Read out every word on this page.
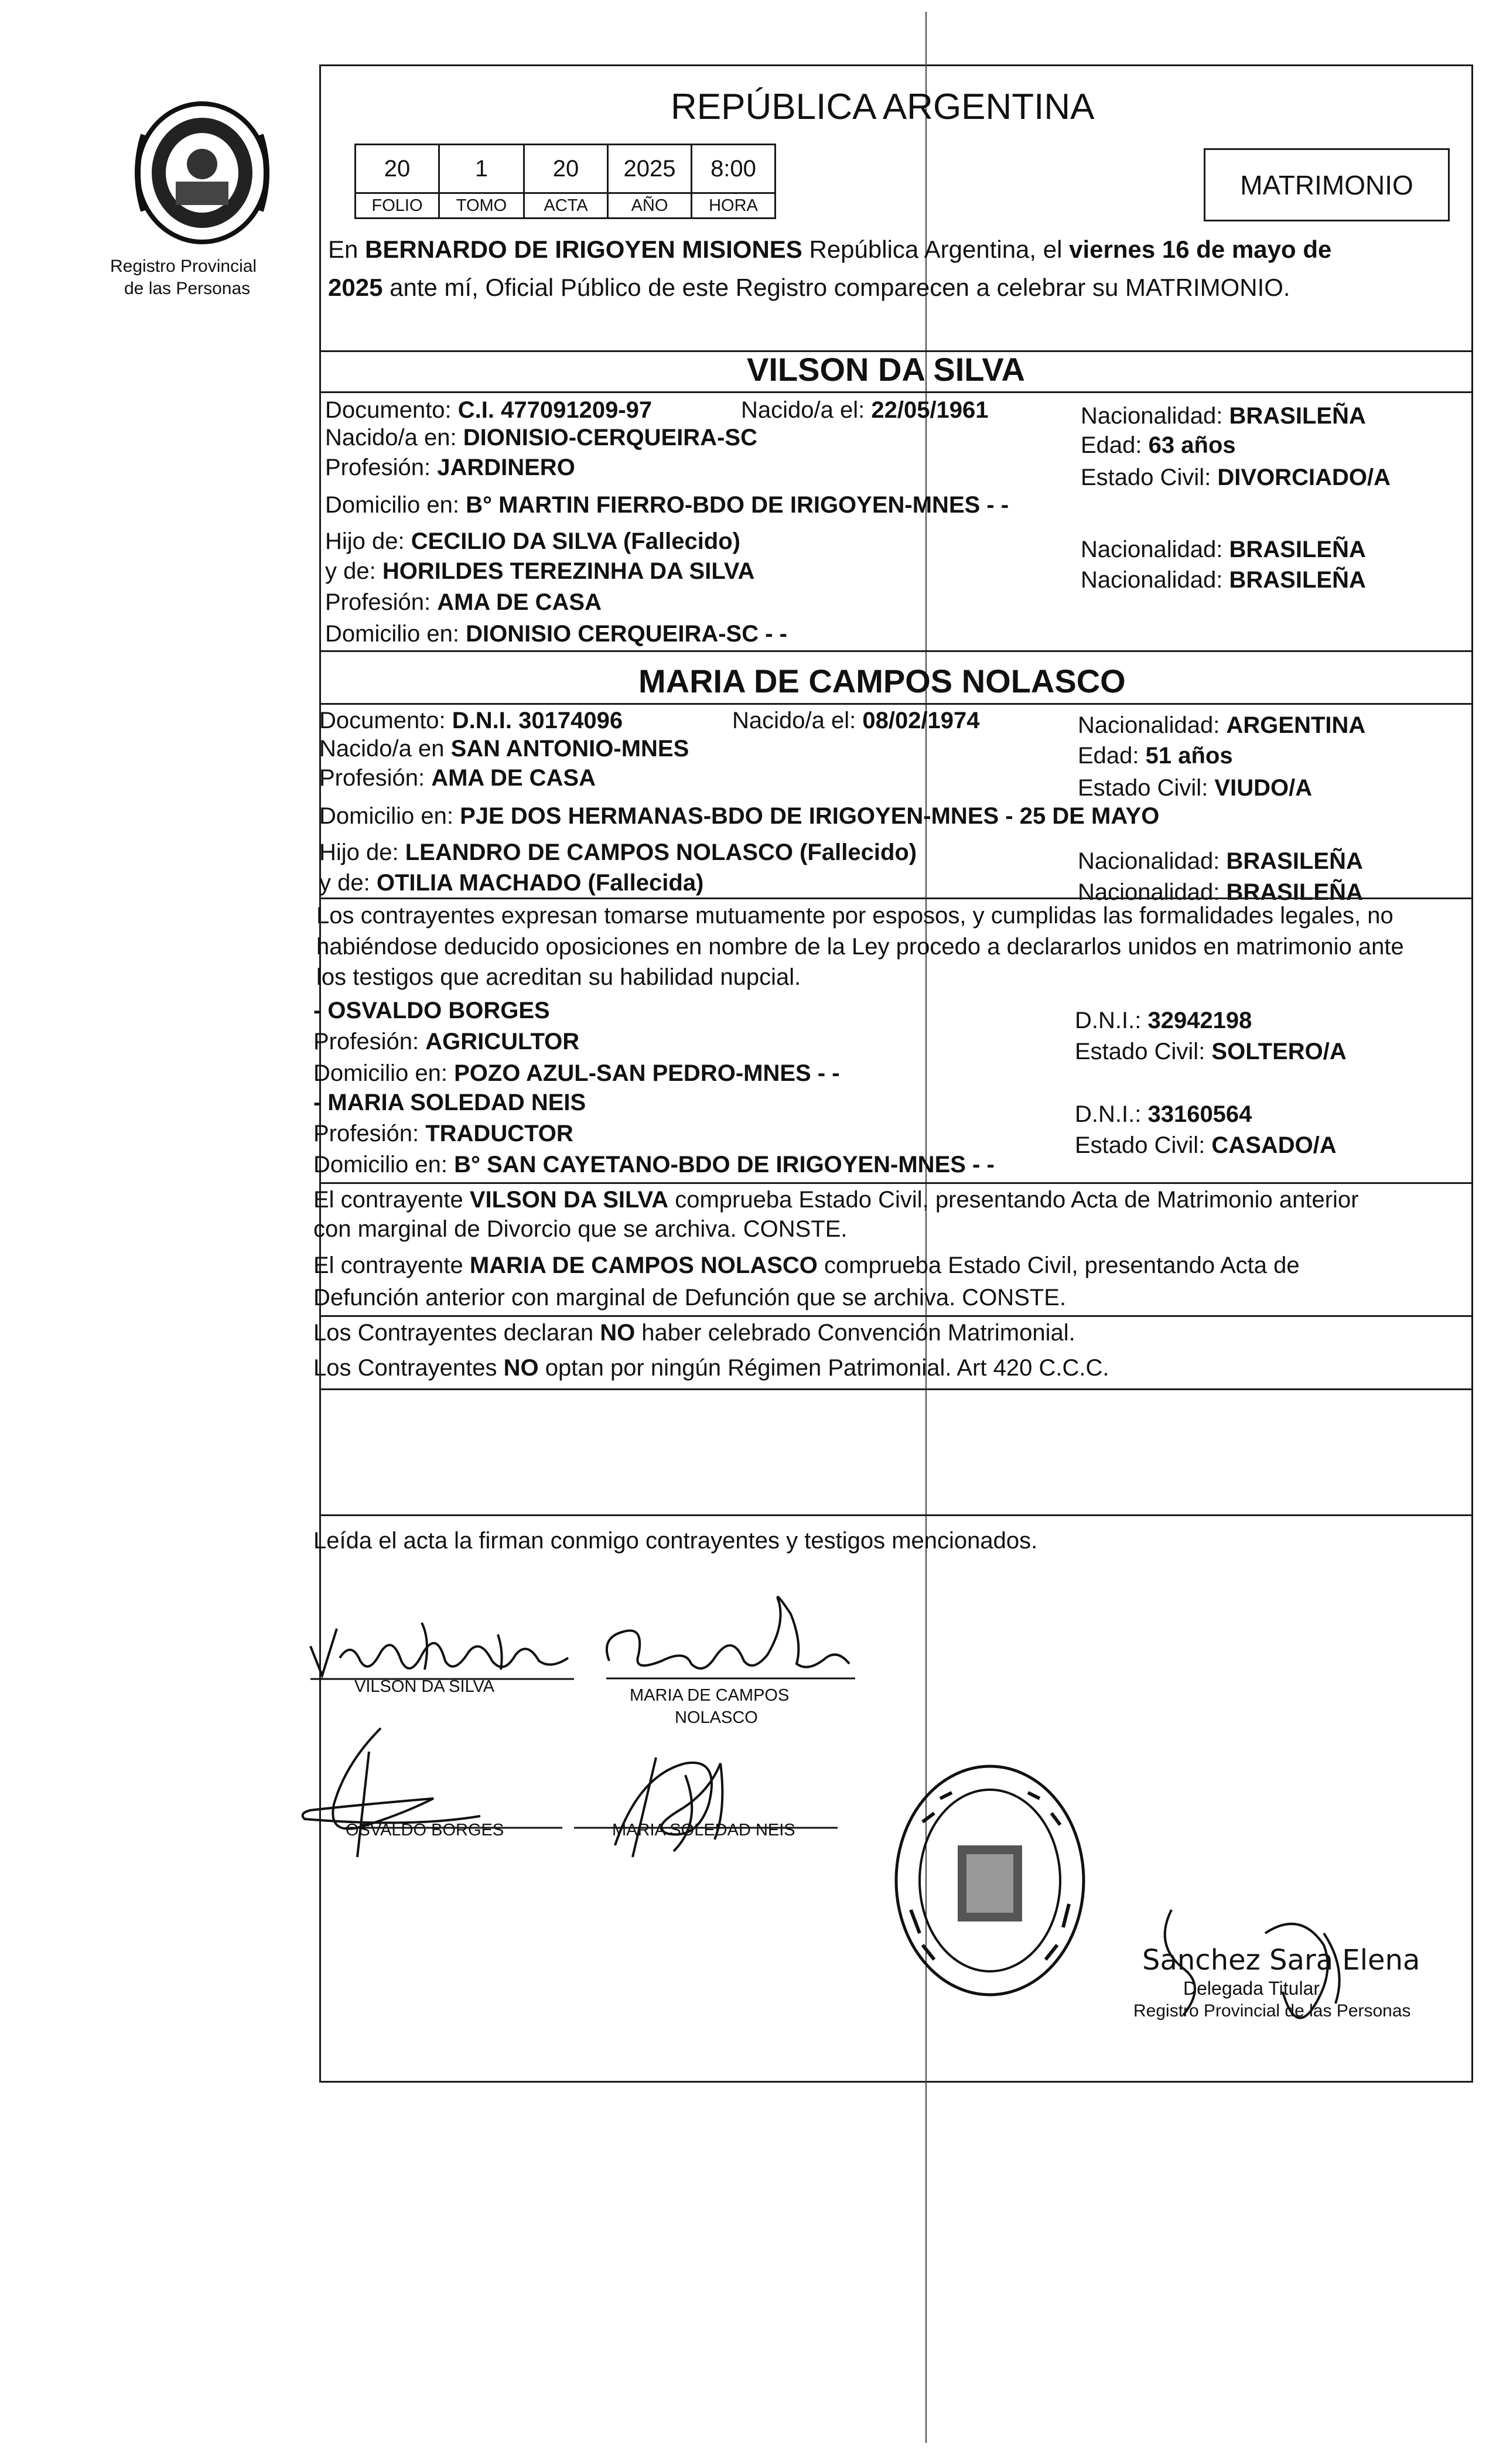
Registro Provincial
de las Personas
REPÚBLICA ARGENTINA
20	1	20	2025	8:00
FOLIO	TOMO	ACTA	AÑO	HORA
MATRIMONIO
En BERNARDO DE IRIGOYEN MISIONES República Argentina, el viernes 16 de mayo de
2025 ante mí, Oficial Público de este Registro comparecen a celebrar su MATRIMONIO.
VILSON DA SILVA
Documento: C.I. 477091209-97	Nacido/a el: 22/05/1961	Nacionalidad: BRASILEÑA
Nacido/a en: DIONISIO-CERQUEIRA-SC	Edad: 63 años
Profesión: JARDINERO	Estado Civil: DIVORCIADO/A
Domicilio en: B° MARTIN FIERRO-BDO DE IRIGOYEN-MNES - -
Hijo de: CECILIO DA SILVA (Fallecido)	Nacionalidad: BRASILEÑA
y de: HORILDES TEREZINHA DA SILVA	Nacionalidad: BRASILEÑA
Profesión: AMA DE CASA
Domicilio en: DIONISIO CERQUEIRA-SC - -
MARIA DE CAMPOS NOLASCO
Documento: D.N.I. 30174096	Nacido/a el: 08/02/1974	Nacionalidad: ARGENTINA
Nacido/a en SAN ANTONIO-MNES	Edad: 51 años
Profesión: AMA DE CASA	Estado Civil: VIUDO/A
Domicilio en: PJE DOS HERMANAS-BDO DE IRIGOYEN-MNES - 25 DE MAYO
Hijo de: LEANDRO DE CAMPOS NOLASCO (Fallecido)	Nacionalidad: BRASILEÑA
y de: OTILIA MACHADO (Fallecida)	Nacionalidad: BRASILEÑA
Los contrayentes expresan tomarse mutuamente por esposos, y cumplidas las formalidades legales, no
habiéndose deducido oposiciones en nombre de la Ley procedo a declararlos unidos en matrimonio ante
los testigos que acreditan su habilidad nupcial.
- OSVALDO BORGES	D.N.I.: 32942198
Profesión: AGRICULTOR	Estado Civil: SOLTERO/A
Domicilio en: POZO AZUL-SAN PEDRO-MNES - -
- MARIA SOLEDAD NEIS	D.N.I.: 33160564
Profesión: TRADUCTOR	Estado Civil: CASADO/A
Domicilio en: B° SAN CAYETANO-BDO DE IRIGOYEN-MNES - -
El contrayente VILSON DA SILVA comprueba Estado Civil, presentando Acta de Matrimonio anterior
con marginal de Divorcio que se archiva. CONSTE.
El contrayente MARIA DE CAMPOS NOLASCO comprueba Estado Civil, presentando Acta de
Defunción anterior con marginal de Defunción que se archiva. CONSTE.
Los Contrayentes declaran NO haber celebrado Convención Matrimonial.
Los Contrayentes NO optan por ningún Régimen Patrimonial. Art 420 C.C.C.
Leída el acta la firman conmigo contrayentes y testigos mencionados.
VILSON DA SILVA	MARIA DE CAMPOS
NOLASCO
OSVALDO BORGES	MARIA SOLEDAD NEIS
Sanchez Sara Elena
Delegada Titular
Registro Provincial de las Personas
